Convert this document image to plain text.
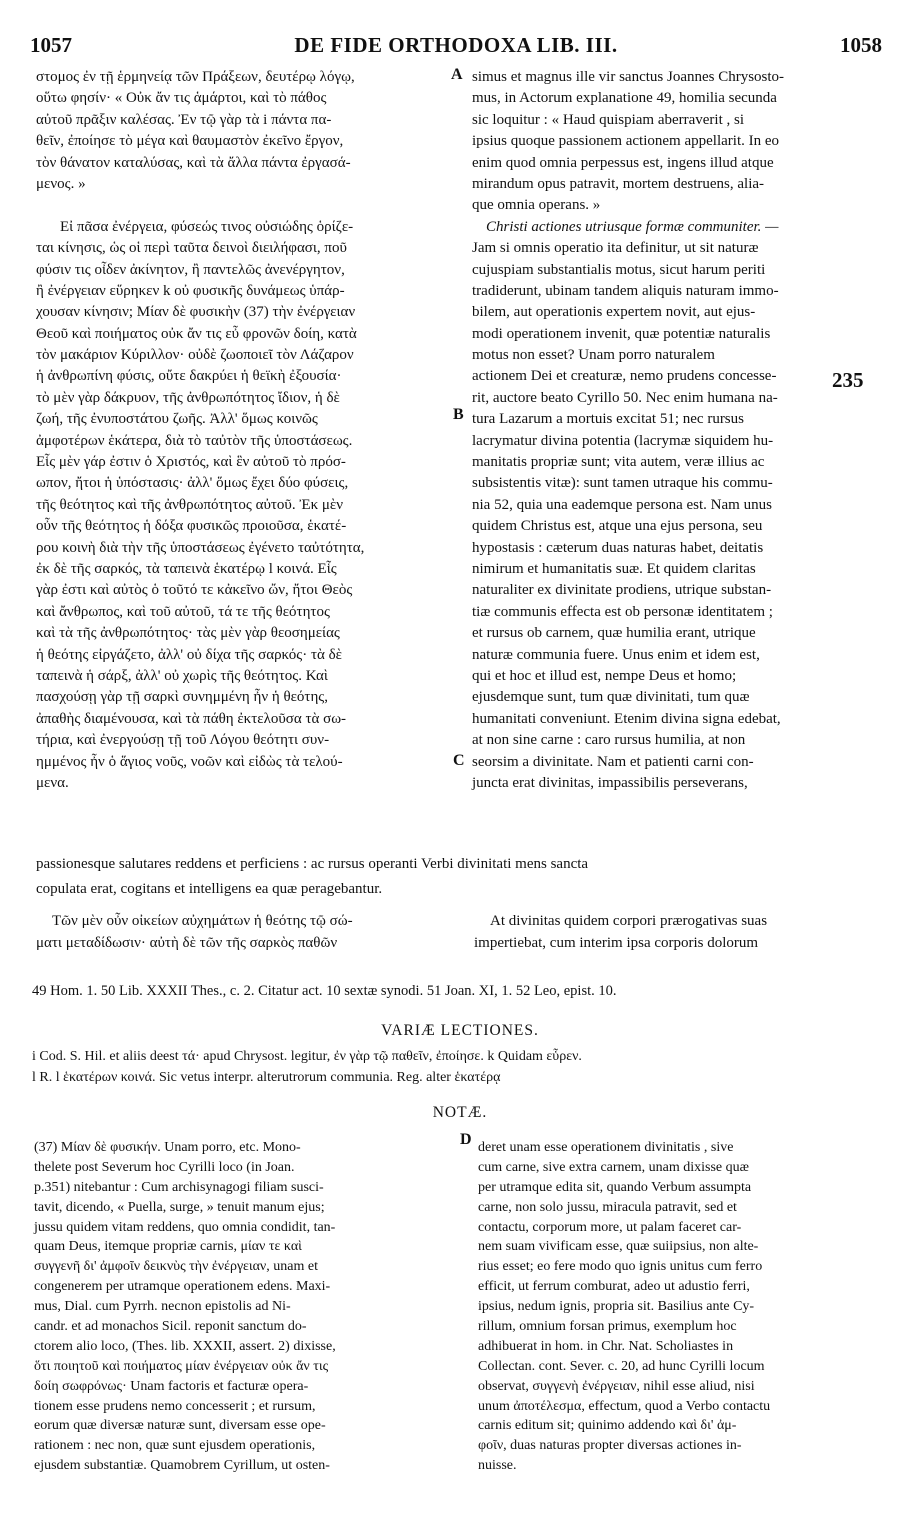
1057	DE FIDE ORTHODOXA LIB. III.	1058
A
B
C
D
235
στομος ἐν τῇ ἑρμηνείᾳ τῶν Πράξεων, δευτέρῳ λόγῳ,
οὕτω φησίν· « Οὐκ ἄν τις ἁμάρτοι, καὶ τὸ πάθος
αὐτοῦ πρᾶξιν καλέσας. Ἐν τῷ γὰρ τὰ i πάντα πα-
θεῖν, ἐποίησε τὸ μέγα καὶ θαυμαστὸν ἐκεῖνο ἔργον,
τὸν θάνατον καταλύσας, καὶ τὰ ἄλλα πάντα ἐργασά-
μενος. »
Εἰ πᾶσα ἐνέργεια, φύσεώς τινος οὐσιώδης ὁρίζε-
ται κίνησις, ὡς οἱ περὶ ταῦτα δεινοὶ διειλήφασι, ποῦ
φύσιν τις οἶδεν ἀκίνητον, ἢ παντελῶς ἀνενέργητον,
ἢ ἐνέργειαν εὕρηκεν k οὐ φυσικῆς δυνάμεως ὑπάρ-
χουσαν κίνησιν; Μίαν δὲ φυσικὴν (37) τὴν ἐνέργειαν
Θεοῦ καὶ ποιήματος οὐκ ἄν τις εὖ φρονῶν δοίη, κατὰ
τὸν μακάριον Κύριλλον· οὐδὲ ζωοποιεῖ τὸν Λάζαρον
ἡ ἀνθρωπίνη φύσις, οὔτε δακρύει ἡ θεϊκὴ ἐξουσία·
τὸ μὲν γὰρ δάκρυον, τῆς ἀνθρωπότητος ἴδιον, ἡ δὲ
ζωή, τῆς ἐνυποστάτου ζωῆς. Ἀλλ' ὅμως κοινῶς
ἀμφοτέρων ἑκάτερα, διὰ τὸ ταὐτὸν τῆς ὑποστάσεως.
Εἷς μὲν γάρ ἐστιν ὁ Χριστός, καὶ ἓν αὐτοῦ τὸ πρόσ-
ωπον, ἤτοι ἡ ὑπόστασις· ἀλλ' ὅμως ἔχει δύο φύσεις,
τῆς θεότητος καὶ τῆς ἀνθρωπότητος αὐτοῦ. Ἐκ μὲν
οὖν τῆς θεότητος ἡ δόξα φυσικῶς προιοῦσα, ἑκατέ-
ρου κοινὴ διὰ τὴν τῆς ὑποστάσεως ἐγένετο ταὐτότητα,
ἐκ δὲ τῆς σαρκός, τὰ ταπεινὰ ἑκατέρῳ l κοινά. Εἷς
γὰρ ἐστι καὶ αὐτὸς ὁ τοῦτό τε κἀκεῖνο ὤν, ἤτοι Θεὸς
καὶ ἄνθρωπος, καὶ τοῦ αὐτοῦ, τά τε τῆς θεότητος
καὶ τὰ τῆς ἀνθρωπότητος· τὰς μὲν γὰρ θεοσημείας
ἡ θεότης εἰργάζετο, ἀλλ' οὐ δίχα τῆς σαρκός· τὰ δὲ
ταπεινὰ ἡ σάρξ, ἀλλ' οὐ χωρὶς τῆς θεότητος. Καὶ
πασχούσῃ γὰρ τῇ σαρκὶ συνημμένη ἦν ἡ θεότης,
ἀπαθὴς διαμένουσα, καὶ τὰ πάθη ἐκτελοῦσα τὰ σω-
τήρια, καὶ ἐνεργούσῃ τῇ τοῦ Λόγου θεότητι συν-
ημμένος ἦν ὁ ἅγιος νοῦς, νοῶν καὶ εἰδὼς τὰ τελού-
μενα.
simus et magnus ille vir sanctus Joannes Chrysosto-
mus, in Actorum explanatione 49, homilia secunda
sic loquitur : « Haud quispiam aberraverit , si
ipsius quoque passionem actionem appellarit. In eo
enim quod omnia perpessus est, ingens illud atque
mirandum opus patravit, mortem destruens, alia-
que omnia operans. »
Christi actiones utriusque formæ communiter. —
Jam si omnis operatio ita definitur, ut sit naturæ
cujuspiam substantialis motus, sicut harum periti
tradiderunt, ubinam tandem aliquis naturam immo-
bilem, aut operationis expertem novit, aut ejus-
modi operationem invenit, quæ potentiæ naturalis
motus non esset? Unam porro naturalem
actionem Dei et creaturæ, nemo prudens concesse-
rit, auctore beato Cyrillo 50. Nec enim humana na-
tura Lazarum a mortuis excitat 51; nec rursus
lacrymatur divina potentia (lacrymæ siquidem hu-
manitatis propriæ sunt; vita autem, veræ illius ac
subsistentis vitæ): sunt tamen utraque his commu-
nia 52, quia una eademque persona est. Nam unus
quidem Christus est, atque una ejus persona, seu
hypostasis : cæterum duas naturas habet, deitatis
nimirum et humanitatis suæ. Et quidem claritas
naturaliter ex divinitate prodiens, utrique substan-
tiæ communis effecta est ob personæ identitatem ;
et rursus ob carnem, quæ humilia erant, utrique
naturæ communia fuere. Unus enim et idem est,
qui et hoc et illud est, nempe Deus et homo;
ejusdemque sunt, tum quæ divinitati, tum quæ
humanitati conveniunt. Etenim divina signa edebat,
at non sine carne : caro rursus humilia, at non
seorsim a divinitate. Nam et patienti carni con-
juncta erat divinitas, impassibilis perseverans,
passionesque salutares reddens et perficiens : ac rursus operanti Verbi divinitati mens sancta
copulata erat, cogitans et intelligens ea quæ peragebantur.
Τῶν μὲν οὖν οἰκείων αὐχημάτων ἡ θεότης τῷ σώ-
ματι μεταδίδωσιν· αὐτὴ δὲ τῶν τῆς σαρκὸς παθῶν
At divinitas quidem corpori prærogativas suas
impertiebat, cum interim ipsa corporis dolorum
49 Hom. 1. 50 Lib. XXXII Thes., c. 2. Citatur act. 10 sextæ synodi. 51 Joan. XI, 1. 52 Leo, epist. 10.
VARIÆ LECTIONES.
i Cod. S. Hil. et aliis deest τά· apud Chrysost. legitur, ἐν γὰρ τῷ παθεῖν, ἐποίησε. k Quidam εὗρεν.
l R. l ἑκατέρων κοινά. Sic vetus interpr. alterutrorum communia. Reg. alter ἑκατέρᾳ
NOTÆ.
(37) Μίαν δὲ φυσικήν. Unam porro, etc. Mono-
thelete post Severum hoc Cyrilli loco (in Joan.
p.351) nitebantur : Cum archisynagogi filiam susci-
tavit, dicendo, « Puella, surge, » tenuit manum ejus;
jussu quidem vitam reddens, quo omnia condidit, tan-
quam Deus, itemque propriæ carnis, μίαν τε καὶ
συγγενῆ δι' ἀμφοῖν δεικνὺς τὴν ἐνέργειαν, unam et
congenerem per utramque operationem edens. Maxi-
mus, Dial. cum Pyrrh. necnon epistolis ad Ni-
candr. et ad monachos Sicil. reponit sanctum do-
ctorem alio loco, (Thes. lib. XXXII, assert. 2) dixisse,
ὅτι ποιητοῦ καὶ ποιήματος μίαν ἐνέργειαν οὐκ ἄν τις
δοίη σωφρόνως· Unam factoris et facturæ opera-
tionem esse prudens nemo concesserit ; et rursum,
eorum quæ diversæ naturæ sunt, diversam esse ope-
rationem : nec non, quæ sunt ejusdem operationis,
ejusdem substantiæ. Quamobrem Cyrillum, ut osten-
deret unam esse operationem divinitatis , sive
cum carne, sive extra carnem, unam dixisse quæ
per utramque edita sit, quando Verbum assumpta
carne, non solo jussu, miracula patravit, sed et
contactu, corporum more, ut palam faceret car-
nem suam vivificam esse, quæ suiipsius, non alte-
rius esset; eo fere modo quo ignis unitus cum ferro
efficit, ut ferrum comburat, adeo ut adustio ferri,
ipsius, nedum ignis, propria sit. Basilius ante Cy-
rillum, omnium forsan primus, exemplum hoc
adhibuerat in hom. in Chr. Nat. Scholiastes in
Collectan. cont. Sever. c. 20, ad hunc Cyrilli locum
observat, συγγενὴ ἐνέργειαν, nihil esse aliud, nisi
unum ἀποτέλεσμα, effectum, quod a Verbo contactu
carnis editum sit; quinimo addendo καὶ δι' ἀμ-
φοῖν, duas naturas propter diversas actiones in-
nuisse.
